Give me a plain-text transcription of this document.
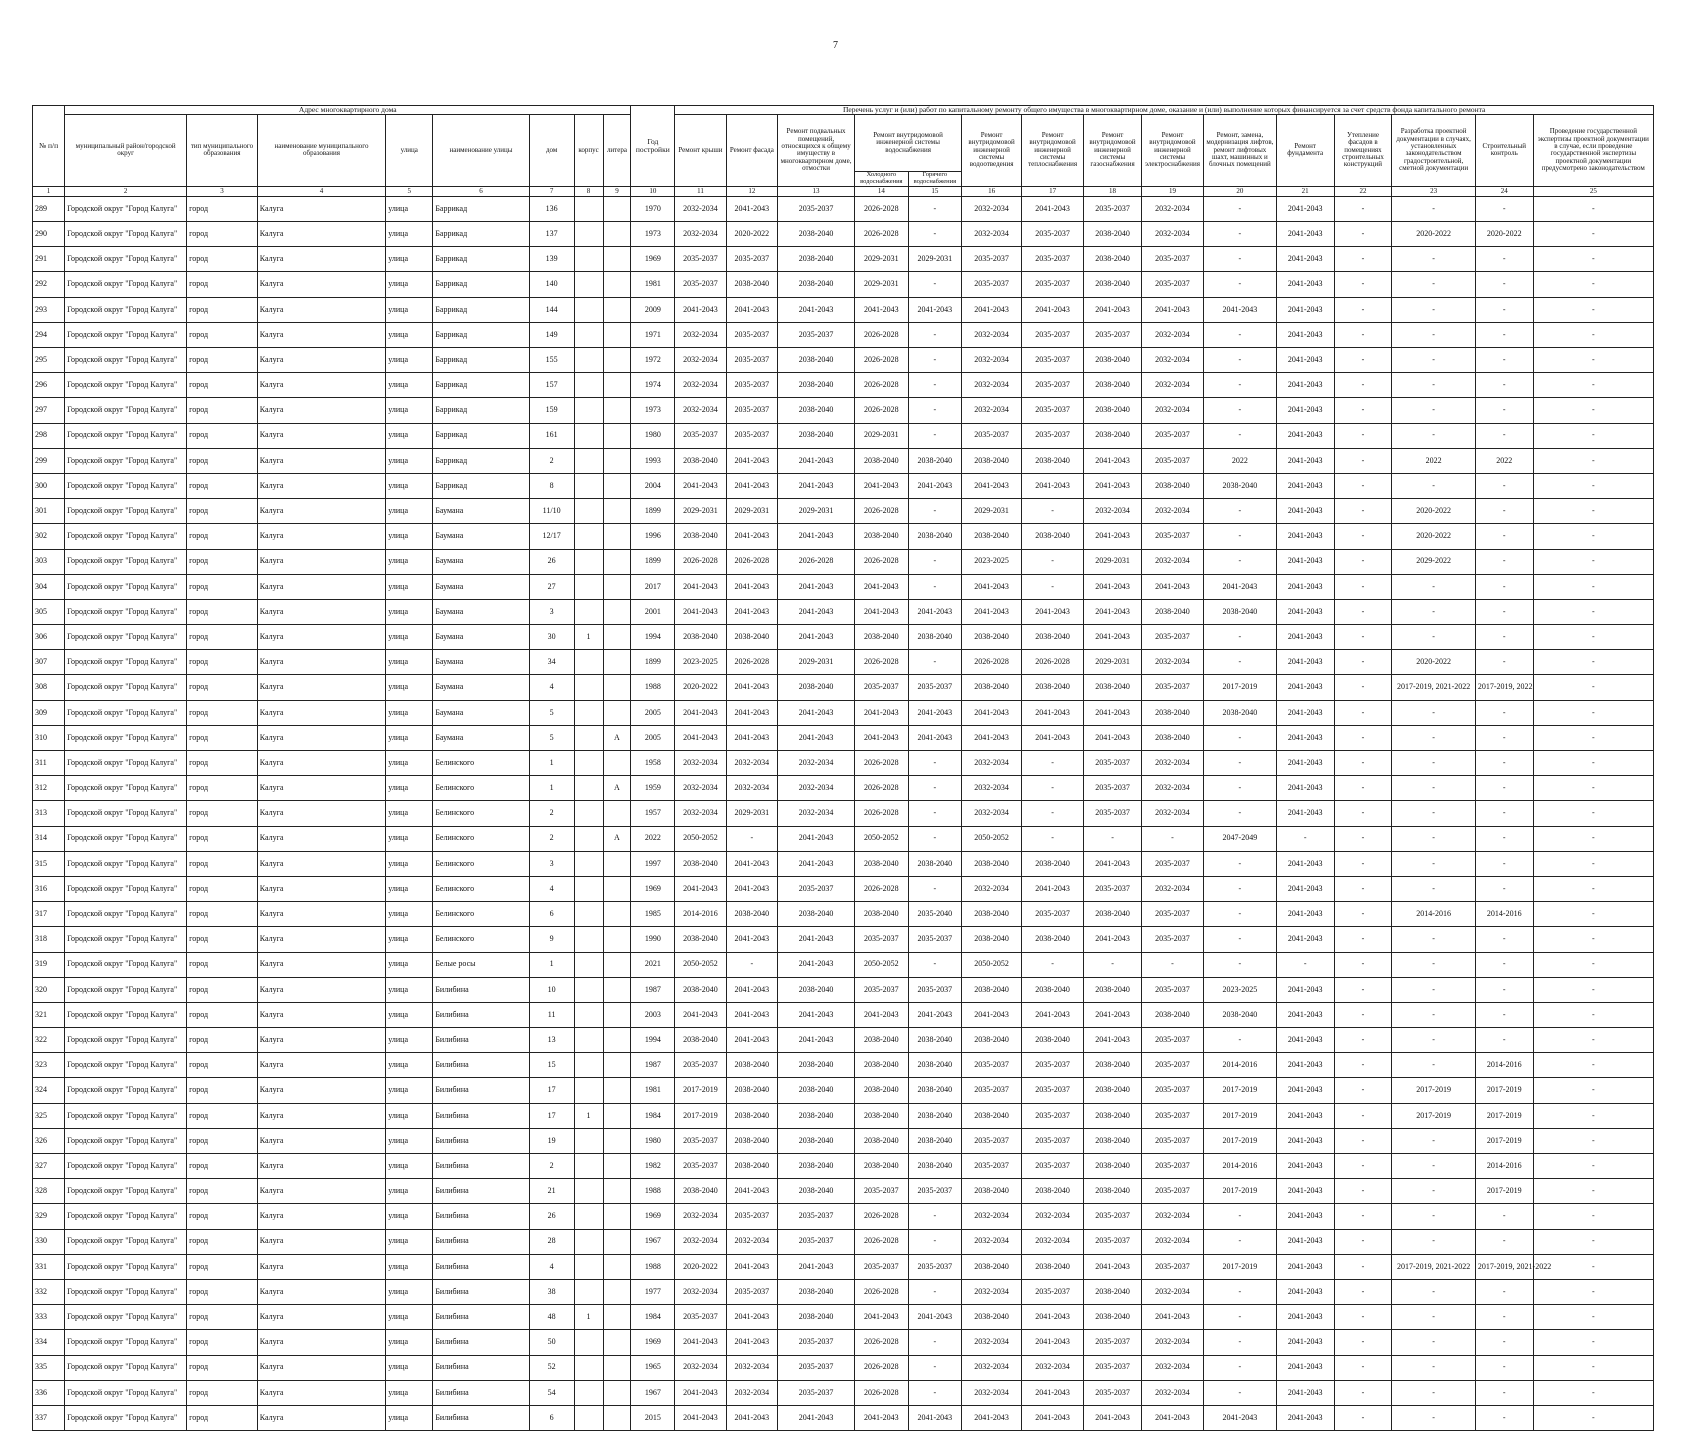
7
№ п/п	Адрес многоквартирного дома								Год постройки	Перечень услуг и (или) работ по капитальному ремонту общего имущества в многоквартирном доме, оказание и (или) выполнение которых финансируется за счет средств фонда капитального ремонта														
	муниципальный район/городской округ	тип муниципального образования	наименование муниципального образования	улица	наименование улицы	дом	корпус	литера		Ремонт крыши	Ремонт фасада	Ремонт подвальных помещений, относящихся к общему имуществу в многоквартирном доме, отмостки	Ремонт внутридомовой инженерной системы водоснабжения		Ремонт внутридомовой инженерной системы водоотведения	Ремонт внутридомовой инженерной системы теплоснабжения	Ремонт внутридомовой инженерной системы газоснабжения	Ремонт внутридомовой инженерной системы электроснабжения	Ремонт, замена, модернизация лифтов, ремонт лифтовых шахт, машинных и блочных помещений	Ремонт фундамента	Утепление фасадов в помещениях строительных конструкций	Разработка проектной документации в случаях, установленных законодательством градостроительной, сметной документации	Строительный контроль	Проведение государственной экспертизы проектной документации в случае, если проведение государственной экспертизы проектной документации предусмотрено законодательством
													Холодного водоснабжения	Горячего водоснабжения										
1	2	3	4	5	6	7	8	9	10	11	12	13	14	15	16	17	18	19	20	21	22	23	24	25
289	Городской округ "Город Калуга"	город	Калуга	улица	Баррикад	136			1970	2032-2034	2041-2043	2035-2037	2026-2028	-	2032-2034	2041-2043	2035-2037	2032-2034	-	2041-2043	-	-	-	-
290	Городской округ "Город Калуга"	город	Калуга	улица	Баррикад	137			1973	2032-2034	2020-2022	2038-2040	2026-2028	-	2032-2034	2035-2037	2038-2040	2032-2034	-	2041-2043	-	2020-2022	2020-2022	-
291	Городской округ "Город Калуга"	город	Калуга	улица	Баррикад	139			1969	2035-2037	2035-2037	2038-2040	2029-2031	2029-2031	2035-2037	2035-2037	2038-2040	2035-2037	-	2041-2043	-	-	-	-
292	Городской округ "Город Калуга"	город	Калуга	улица	Баррикад	140			1981	2035-2037	2038-2040	2038-2040	2029-2031	-	2035-2037	2035-2037	2038-2040	2035-2037	-	2041-2043	-	-	-	-
293	Городской округ "Город Калуга"	город	Калуга	улица	Баррикад	144			2009	2041-2043	2041-2043	2041-2043	2041-2043	2041-2043	2041-2043	2041-2043	2041-2043	2041-2043	2041-2043	2041-2043	-	-	-	-
294	Городской округ "Город Калуга"	город	Калуга	улица	Баррикад	149			1971	2032-2034	2035-2037	2035-2037	2026-2028	-	2032-2034	2035-2037	2035-2037	2032-2034	-	2041-2043	-	-	-	-
295	Городской округ "Город Калуга"	город	Калуга	улица	Баррикад	155			1972	2032-2034	2035-2037	2038-2040	2026-2028	-	2032-2034	2035-2037	2038-2040	2032-2034	-	2041-2043	-	-	-	-
296	Городской округ "Город Калуга"	город	Калуга	улица	Баррикад	157			1974	2032-2034	2035-2037	2038-2040	2026-2028	-	2032-2034	2035-2037	2038-2040	2032-2034	-	2041-2043	-	-	-	-
297	Городской округ "Город Калуга"	город	Калуга	улица	Баррикад	159			1973	2032-2034	2035-2037	2038-2040	2026-2028	-	2032-2034	2035-2037	2038-2040	2032-2034	-	2041-2043	-	-	-	-
298	Городской округ "Город Калуга"	город	Калуга	улица	Баррикад	161			1980	2035-2037	2035-2037	2038-2040	2029-2031	-	2035-2037	2035-2037	2038-2040	2035-2037	-	2041-2043	-	-	-	-
299	Городской округ "Город Калуга"	город	Калуга	улица	Баррикад	2			1993	2038-2040	2041-2043	2041-2043	2038-2040	2038-2040	2038-2040	2038-2040	2041-2043	2035-2037	2022	2041-2043	-	2022	2022	-
300	Городской округ "Город Калуга"	город	Калуга	улица	Баррикад	8			2004	2041-2043	2041-2043	2041-2043	2041-2043	2041-2043	2041-2043	2041-2043	2041-2043	2038-2040	2038-2040	2041-2043	-	-	-	-
301	Городской округ "Город Калуга"	город	Калуга	улица	Баумана	11/10			1899	2029-2031	2029-2031	2029-2031	2026-2028	-	2029-2031	-	2032-2034	2032-2034	-	2041-2043	-	2020-2022	-	-
302	Городской округ "Город Калуга"	город	Калуга	улица	Баумана	12/17			1996	2038-2040	2041-2043	2041-2043	2038-2040	2038-2040	2038-2040	2038-2040	2041-2043	2035-2037	-	2041-2043	-	2020-2022	-	-
303	Городской округ "Город Калуга"	город	Калуга	улица	Баумана	26			1899	2026-2028	2026-2028	2026-2028	2026-2028	-	2023-2025	-	2029-2031	2032-2034	-	2041-2043	-	2029-2022	-	-
304	Городской округ "Город Калуга"	город	Калуга	улица	Баумана	27			2017	2041-2043	2041-2043	2041-2043	2041-2043	-	2041-2043	-	2041-2043	2041-2043	2041-2043	2041-2043	-	-	-	-
305	Городской округ "Город Калуга"	город	Калуга	улица	Баумана	3			2001	2041-2043	2041-2043	2041-2043	2041-2043	2041-2043	2041-2043	2041-2043	2041-2043	2038-2040	2038-2040	2041-2043	-	-	-	-
306	Городской округ "Город Калуга"	город	Калуга	улица	Баумана	30	1		1994	2038-2040	2038-2040	2041-2043	2038-2040	2038-2040	2038-2040	2038-2040	2041-2043	2035-2037	-	2041-2043	-	-	-	-
307	Городской округ "Город Калуга"	город	Калуга	улица	Баумана	34			1899	2023-2025	2026-2028	2029-2031	2026-2028	-	2026-2028	2026-2028	2029-2031	2032-2034	-	2041-2043	-	2020-2022	-	-
308	Городской округ "Город Калуга"	город	Калуга	улица	Баумана	4			1988	2020-2022	2041-2043	2038-2040	2035-2037	2035-2037	2038-2040	2038-2040	2038-2040	2035-2037	2017-2019	2041-2043	-	2017-2019, 2021-2022	2017-2019, 2022	-
309	Городской округ "Город Калуга"	город	Калуга	улица	Баумана	5			2005	2041-2043	2041-2043	2041-2043	2041-2043	2041-2043	2041-2043	2041-2043	2041-2043	2038-2040	2038-2040	2041-2043	-	-	-	-
310	Городской округ "Город Калуга"	город	Калуга	улица	Баумана	5		А	2005	2041-2043	2041-2043	2041-2043	2041-2043	2041-2043	2041-2043	2041-2043	2041-2043	2038-2040	-	2041-2043	-	-	-	-
311	Городской округ "Город Калуга"	город	Калуга	улица	Белинского	1			1958	2032-2034	2032-2034	2032-2034	2026-2028	-	2032-2034	-	2035-2037	2032-2034	-	2041-2043	-	-	-	-
312	Городской округ "Город Калуга"	город	Калуга	улица	Белинского	1		А	1959	2032-2034	2032-2034	2032-2034	2026-2028	-	2032-2034	-	2035-2037	2032-2034	-	2041-2043	-	-	-	-
313	Городской округ "Город Калуга"	город	Калуга	улица	Белинского	2			1957	2032-2034	2029-2031	2032-2034	2026-2028	-	2032-2034	-	2035-2037	2032-2034	-	2041-2043	-	-	-	-
314	Городской округ "Город Калуга"	город	Калуга	улица	Белинского	2		А	2022	2050-2052	-	2041-2043	2050-2052	-	2050-2052	-	-	-	2047-2049	-	-	-	-	-
315	Городской округ "Город Калуга"	город	Калуга	улица	Белинского	3			1997	2038-2040	2041-2043	2041-2043	2038-2040	2038-2040	2038-2040	2038-2040	2041-2043	2035-2037	-	2041-2043	-	-	-	-
316	Городской округ "Город Калуга"	город	Калуга	улица	Белинского	4			1969	2041-2043	2041-2043	2035-2037	2026-2028	-	2032-2034	2041-2043	2035-2037	2032-2034	-	2041-2043	-	-	-	-
317	Городской округ "Город Калуга"	город	Калуга	улица	Белинского	6			1985	2014-2016	2038-2040	2038-2040	2038-2040	2035-2040	2038-2040	2035-2037	2038-2040	2035-2037	-	2041-2043	-	2014-2016	2014-2016	-
318	Городской округ "Город Калуга"	город	Калуга	улица	Белинского	9			1990	2038-2040	2041-2043	2041-2043	2035-2037	2035-2037	2038-2040	2038-2040	2041-2043	2035-2037	-	2041-2043	-	-	-	-
319	Городской округ "Город Калуга"	город	Калуга	улица	Белые росы	1			2021	2050-2052	-	2041-2043	2050-2052	-	2050-2052	-	-	-	-	-	-	-	-	-
320	Городской округ "Город Калуга"	город	Калуга	улица	Билибина	10			1987	2038-2040	2041-2043	2038-2040	2035-2037	2035-2037	2038-2040	2038-2040	2038-2040	2035-2037	2023-2025	2041-2043	-	-	-	-
321	Городской округ "Город Калуга"	город	Калуга	улица	Билибина	11			2003	2041-2043	2041-2043	2041-2043	2041-2043	2041-2043	2041-2043	2041-2043	2041-2043	2038-2040	2038-2040	2041-2043	-	-	-	-
322	Городской округ "Город Калуга"	город	Калуга	улица	Билибина	13			1994	2038-2040	2041-2043	2041-2043	2038-2040	2038-2040	2038-2040	2038-2040	2041-2043	2035-2037	-	2041-2043	-	-	-	-
323	Городской округ "Город Калуга"	город	Калуга	улица	Билибина	15			1987	2035-2037	2038-2040	2038-2040	2038-2040	2038-2040	2035-2037	2035-2037	2038-2040	2035-2037	2014-2016	2041-2043	-	-	2014-2016	-
324	Городской округ "Город Калуга"	город	Калуга	улица	Билибина	17			1981	2017-2019	2038-2040	2038-2040	2038-2040	2038-2040	2035-2037	2035-2037	2038-2040	2035-2037	2017-2019	2041-2043	-	2017-2019	2017-2019	-
325	Городской округ "Город Калуга"	город	Калуга	улица	Билибина	17	1		1984	2017-2019	2038-2040	2038-2040	2038-2040	2038-2040	2038-2040	2035-2037	2038-2040	2035-2037	2017-2019	2041-2043	-	2017-2019	2017-2019	-
326	Городской округ "Город Калуга"	город	Калуга	улица	Билибина	19			1980	2035-2037	2038-2040	2038-2040	2038-2040	2038-2040	2035-2037	2035-2037	2038-2040	2035-2037	2017-2019	2041-2043	-	-	2017-2019	-
327	Городской округ "Город Калуга"	город	Калуга	улица	Билибина	2			1982	2035-2037	2038-2040	2038-2040	2038-2040	2038-2040	2035-2037	2035-2037	2038-2040	2035-2037	2014-2016	2041-2043	-	-	2014-2016	-
328	Городской округ "Город Калуга"	город	Калуга	улица	Билибина	21			1988	2038-2040	2041-2043	2038-2040	2035-2037	2035-2037	2038-2040	2038-2040	2038-2040	2035-2037	2017-2019	2041-2043	-	-	2017-2019	-
329	Городской округ "Город Калуга"	город	Калуга	улица	Билибина	26			1969	2032-2034	2035-2037	2035-2037	2026-2028	-	2032-2034	2032-2034	2035-2037	2032-2034	-	2041-2043	-	-	-	-
330	Городской округ "Город Калуга"	город	Калуга	улица	Билибина	28			1967	2032-2034	2032-2034	2035-2037	2026-2028	-	2032-2034	2032-2034	2035-2037	2032-2034	-	2041-2043	-	-	-	-
331	Городской округ "Город Калуга"	город	Калуга	улица	Билибина	4			1988	2020-2022	2041-2043	2041-2043	2035-2037	2035-2037	2038-2040	2038-2040	2041-2043	2035-2037	2017-2019	2041-2043	-	2017-2019, 2021-2022	2017-2019, 2021-2022	-
332	Городской округ "Город Калуга"	город	Калуга	улица	Билибина	38			1977	2032-2034	2035-2037	2038-2040	2026-2028	-	2032-2034	2035-2037	2038-2040	2032-2034	-	2041-2043	-	-	-	-
333	Городской округ "Город Калуга"	город	Калуга	улица	Билибина	48	1		1984	2035-2037	2041-2043	2038-2040	2041-2043	2041-2043	2038-2040	2041-2043	2038-2040	2041-2043	-	2041-2043	-	-	-	-
334	Городской округ "Город Калуга"	город	Калуга	улица	Билибина	50			1969	2041-2043	2041-2043	2035-2037	2026-2028	-	2032-2034	2041-2043	2035-2037	2032-2034	-	2041-2043	-	-	-	-
335	Городской округ "Город Калуга"	город	Калуга	улица	Билибина	52			1965	2032-2034	2032-2034	2035-2037	2026-2028	-	2032-2034	2032-2034	2035-2037	2032-2034	-	2041-2043	-	-	-	-
336	Городской округ "Город Калуга"	город	Калуга	улица	Билибина	54			1967	2041-2043	2032-2034	2035-2037	2026-2028	-	2032-2034	2041-2043	2035-2037	2032-2034	-	2041-2043	-	-	-	-
337	Городской округ "Город Калуга"	город	Калуга	улица	Билибина	6			2015	2041-2043	2041-2043	2041-2043	2041-2043	2041-2043	2041-2043	2041-2043	2041-2043	2041-2043	2041-2043	2041-2043	-	-	-	-
